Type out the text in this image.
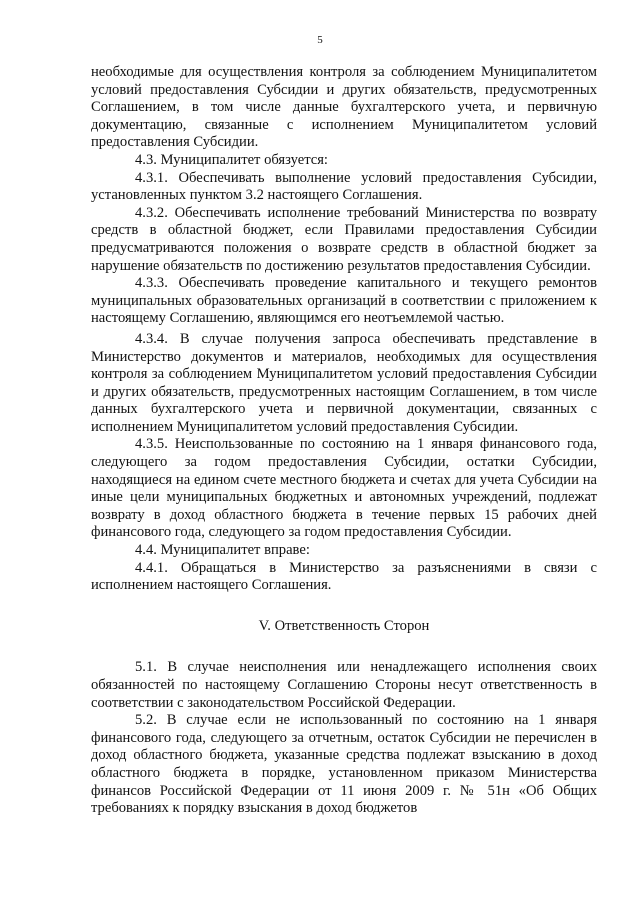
5

необходимые для осуществления контроля за соблюдением Муниципалитетом условий предоставления Субсидии и других обязательств, предусмотренных Соглашением, в том числе данные бухгалтерского учета, и первичную документацию, связанные с исполнением Муниципалитетом условий предоставления Субсидии.

4.3. Муниципалитет обязуется:

4.3.1. Обеспечивать выполнение условий предоставления Субсидии, установленных пунктом 3.2 настоящего Соглашения.

4.3.2. Обеспечивать исполнение требований Министерства по возврату средств в областной бюджет, если Правилами предоставления Субсидии предусматриваются положения о возврате средств в областной бюджет за нарушение обязательств по достижению результатов предоставления Субсидии.

4.3.3. Обеспечивать проведение капитального и текущего ремонтов муниципальных образовательных организаций в соответствии с приложением к настоящему Соглашению, являющимся его неотъемлемой частью.

4.3.4. В случае получения запроса обеспечивать представление в Министерство документов и материалов, необходимых для осуществления контроля за соблюдением Муниципалитетом условий предоставления Субсидии и других обязательств, предусмотренных настоящим Соглашением, в том числе данных бухгалтерского учета и первичной документации, связанных с исполнением Муниципалитетом условий предоставления Субсидии.

4.3.5. Неиспользованные по состоянию на 1 января финансового года, следующего за годом предоставления Субсидии, остатки Субсидии, находящиеся на едином счете местного бюджета и счетах для учета Субсидии на иные цели муниципальных бюджетных и автономных учреждений, подлежат возврату в доход областного бюджета в течение первых 15 рабочих дней финансового года, следующего за годом предоставления Субсидии.

4.4. Муниципалитет вправе:

4.4.1. Обращаться в Министерство за разъяснениями в связи с исполнением настоящего Соглашения.

V. Ответственность Сторон

5.1. В случае неисполнения или ненадлежащего исполнения своих обязанностей по настоящему Соглашению Стороны несут ответственность в соответствии с законодательством Российской Федерации.

5.2. В случае если не использованный по состоянию на 1 января финансового года, следующего за отчетным, остаток Субсидии не перечислен в доход областного бюджета, указанные средства подлежат взысканию в доход областного бюджета в порядке, установленном приказом Министерства финансов Российской Федерации от 11 июня 2009 г. № 51н «Об Общих требованиях к порядку взыскания в доход бюджетов
